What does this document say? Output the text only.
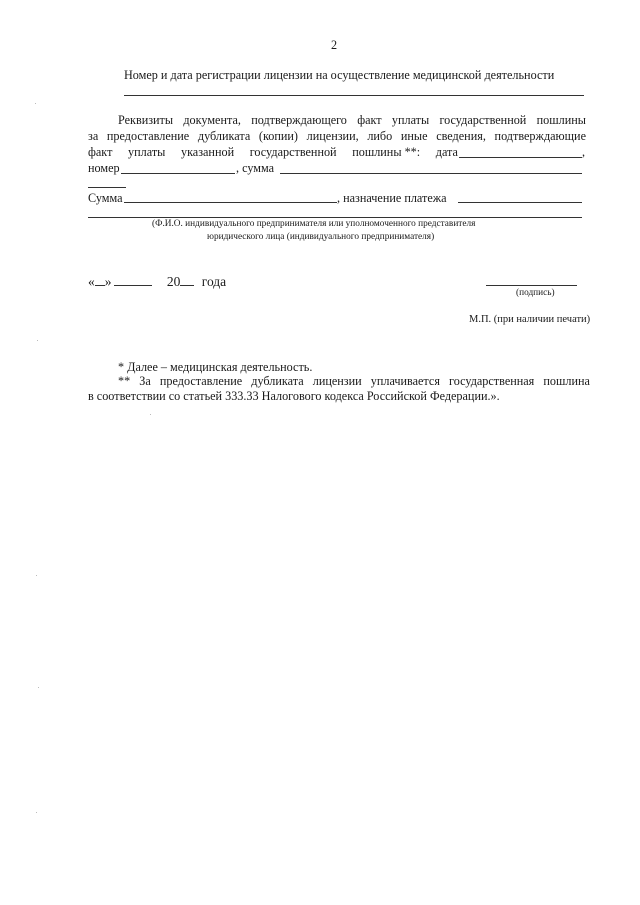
2
Номер и дата регистрации лицензии на осуществление медицинской деятельности
Реквизиты документа, подтверждающего факт уплаты государственной пошлины
за предоставление дубликата (копии) лицензии, либо иные сведения, подтверждающие
факт уплаты указанной государственной пошлины **: дата	,
номер	, сумма
Сумма	, назначение платежа
(Ф.И.О. индивидуального предпринимателя или уполномоченного представителя
юридического лица (индивидуального предпринимателя)
« »	20 года
(подпись)
М.П. (при наличии печати)
* Далее – медицинская деятельность.
** За предоставление дубликата лицензии уплачивается государственная пошлина
в соответствии со статьей 333.33 Налогового кодекса Российской Федерации.».
